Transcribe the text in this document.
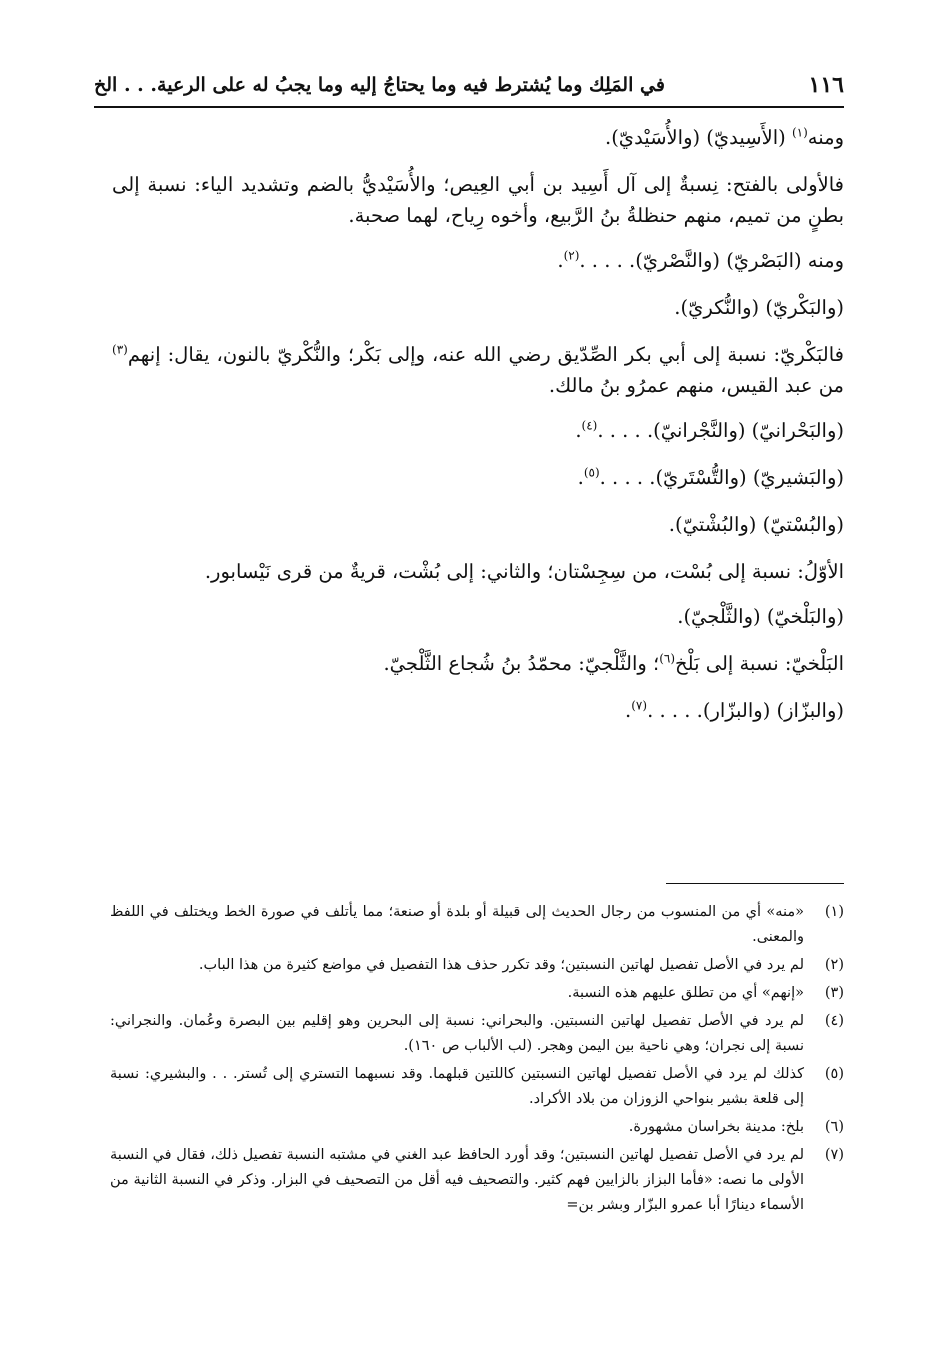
١١٦
في المَلِك وما يُشترط فيه وما يحتاجُ إليه وما يجبُ له على الرعية. . . الخ

ومنه$^{(١)}$ (الأَسِيديّ) (والأُسَيْديّ).

فالأولى بالفتح: نِسبةٌ إلى آل أَسِيد بن أبي العِيص؛ والأُسَيْديُّ بالضم وتشديد الياء: نسبة إلى بطنٍ من تميم، منهم حنظلةُ بنُ الرَّبيع، وأخوه رِياح، لهما صحبة.

ومنه (البَصْريّ) (والنَّصْريّ). . . . .$^{(٢)}$.

(والبَكْريّ) (والنُّكريّ).

فالبَكْريّ: نسبة إلى أبي بكر الصِّدّيق رضي الله عنه، وإلى بَكْر؛ والنُّكْريّ بالنون، يقال: إنهم$^{(٣)}$ من عبد القيس، منهم عمرُو بنُ مالك.

(والبَحْرانيّ) (والنَّجْرانيّ). . . . .$^{(٤)}$.

(والبَشيريّ) (والتُّسْتَريّ). . . . .$^{(٥)}$.

(والبُسْتيّ) (والبُشْتيّ).

الأوّلُ: نسبة إلى بُسْت، من سِجِسْتان؛ والثاني: إلى بُشْت، قريةٌ من قرى نَيْسابور.

(والبَلْخيّ) (والثَّلْجيّ).

البَلْخيّ: نسبة إلى بَلْخ$^{(٦)}$؛ والثَّلْجيّ: محمّدُ بنُ شُجاع الثَّلْجيّ.

(والبزّاز) (والبزّار). . . . .$^{(٧)}$.

(١)
«منه» أي من المنسوب من رجال الحديث إلى قبيلة أو بلدة أو صنعة؛ مما يأتلف في صورة الخط ويختلف في اللفظ والمعنى.
(٢)
لم يرد في الأصل تفصيل لهاتين النسبتين؛ وقد تكرر حذف هذا التفصيل في مواضع كثيرة من هذا الباب.
(٣)
«إنهم» أي من تطلق عليهم هذه النسبة.
(٤)
لم يرد في الأصل تفصيل لهاتين النسبتين. والبحراني: نسبة إلى البحرين وهو إقليم بين البصرة وعُمان. والنجراني: نسبة إلى نجران؛ وهي ناحية بين اليمن وهجر. (لب الألباب ص ١٦٠).
(٥)
كذلك لم يرد في الأصل تفصيل لهاتين النسبتين كاللتين قبلهما. وقد نسبهما التستري إلى تُستر. . . والبشيري: نسبة إلى قلعة بشير بنواحي الزوزان من بلاد الأكراد.
(٦)
بلخ: مدينة بخراسان مشهورة.
(٧)
لم يرد في الأصل تفصيل لهاتين النسبتين؛ وقد أورد الحافظ عبد الغني في مشتبه النسبة تفصيل ذلك، فقال في النسبة الأولى ما نصه: «فأما البزاز بالزايين فهم كثير. والتصحيف فيه أقل من التصحيف في البزار. وذكر في النسبة الثانية من الأسماء دينارًا أبا عمرو البزّار وبشر بن=
